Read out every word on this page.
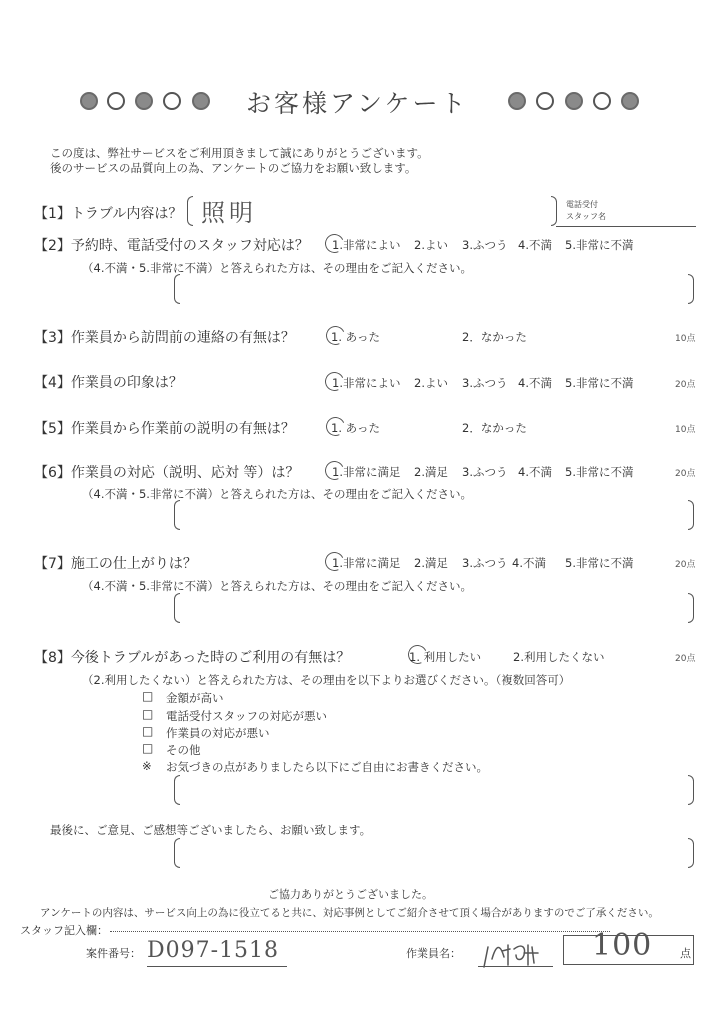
お客様アンケート
この度は、弊社サービスをご利用頂きまして誠にありがとうございます。
後のサービスの品質向上の為、アンケートのご協力をお願い致します。
【1】トラブル内容は？ 照明	電話受付
スタッフ名
【2】予約時、電話受付のスタッフ対応は？ 1.非常によい 2.よい 3.ふつう 4.不満 5.非常に不満
（4.不満・5.非常に不満）と答えられた方は、その理由をご記入ください。
【3】作業員から訪問前の連絡の有無は？	1. あった	2．なかった	10点
【4】作業員の印象は？	1.非常によい 2.よい 3.ふつう 4.不満 5.非常に不満	20点
【5】作業員から作業前の説明の有無は？	1. あった	2．なかった	10点
【6】作業員の対応（説明、応対 等）は？	1.非常に満足 2.満足 3.ふつう 4.不満 5.非常に不満	20点
（4.不満・5.非常に不満）と答えられた方は、その理由をご記入ください。
【7】施工の仕上がりは？	1.非常に満足 2.満足 3.ふつう 4.不満 5.非常に不満	20点
（4.不満・5.非常に不満）と答えられた方は、その理由をご記入ください。
【8】今後トラブルがあった時のご利用の有無は？	1. 利用したい	2.利用したくない	20点
（2.利用したくない）と答えられた方は、その理由を以下よりお選びください。（複数回答可）
□ 金額が高い
□ 電話受付スタッフの対応が悪い
□ 作業員の対応が悪い
□ その他
※ お気づきの点がありましたら以下にご自由にお書きください。
最後に、ご意見、ご感想等ございましたら、お願い致します。
ご協力ありがとうございました。
アンケートの内容は、サービス向上の為に役立てると共に、対応事例としてご紹介させて頂く場合がありますのでご了承ください。
スタッフ記入欄：
案件番号： D097-1518	作業員名：	100	点
